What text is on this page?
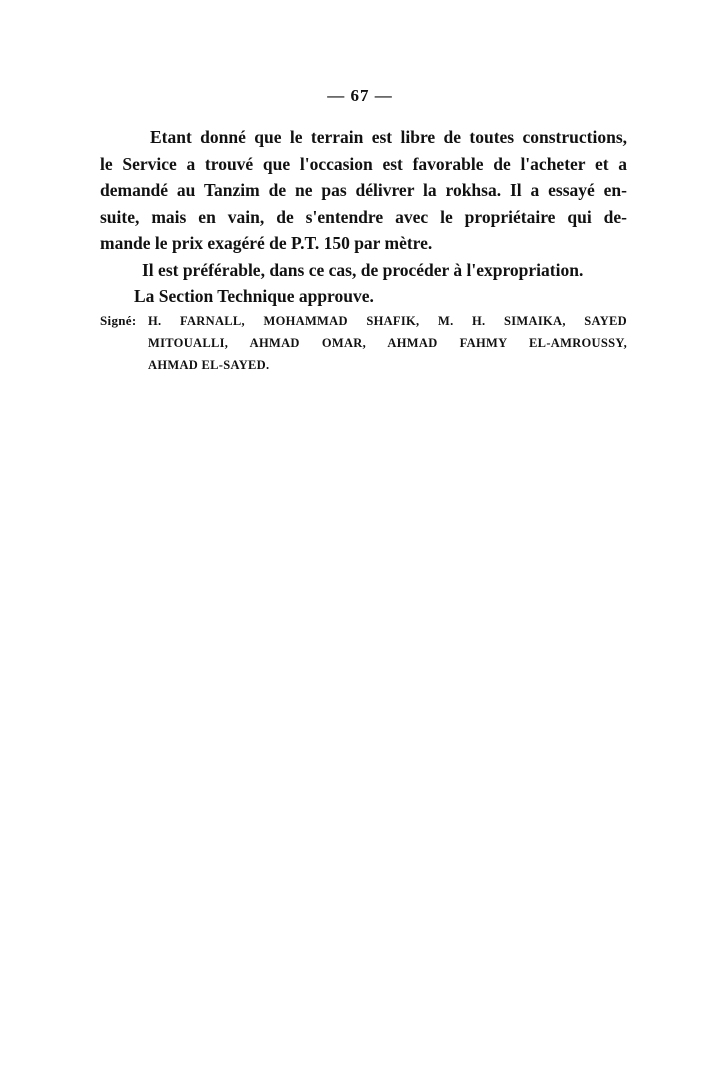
— 67 —
Etant donné que le terrain est libre de toutes constructions,
le Service a trouvé que l'occasion est favorable de l'acheter et a
demandé au Tanzim de ne pas délivrer la rokhsa. Il a essayé en-
suite, mais en vain, de s'entendre avec le propriétaire qui de-
mande le prix exagéré de P.T. 150 par mètre.
Il est préférable, dans ce cas, de procéder à l'expropriation.
La Section Technique approuve.
Signé: H. FARNALL, MOHAMMAD SHAFIK, M. H. SIMAIKA, SAYED
MITOUALLI, AHMAD OMAR, AHMAD FAHMY EL-AMROUSSY,
AHMAD EL-SAYED.
